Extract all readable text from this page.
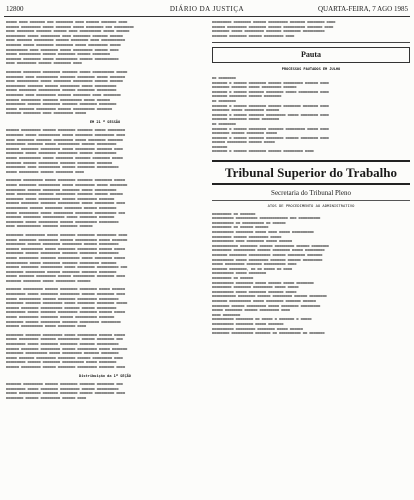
12800	DIÁRIO DA JUSTIÇA	QUARTA-FEIRA, 7 AGO 1985
▬▬▬▬▬ ▬▬▬▬ ▬▬▬▬▬▬▬ ▬▬▬ ▬▬▬▬▬▬▬▬ ▬▬▬▬ ▬▬▬▬▬▬ ▬▬▬▬▬▬▬ ▬▬▬▬
▬▬▬▬▬▬ ▬▬▬▬▬▬▬▬▬ ▬▬▬▬▬ ▬▬▬▬▬▬▬ ▬▬▬▬▬ ▬▬▬▬▬▬▬▬ ▬▬▬ ▬▬▬▬▬▬▬▬▬
▬▬▬▬ ▬▬▬▬▬▬▬▬ ▬▬▬▬▬▬▬ ▬▬▬▬▬▬ ▬▬▬▬ ▬▬▬▬▬▬▬▬▬▬ ▬▬▬▬▬ ▬▬▬▬▬▬
▬▬▬▬▬▬▬▬▬ ▬▬▬▬▬ ▬▬▬▬▬▬▬▬▬ ▬▬▬▬ ▬▬▬▬▬▬▬▬ ▬▬▬▬▬▬▬ ▬▬▬▬▬▬
▬▬▬▬ ▬▬▬▬▬▬▬ ▬▬▬▬▬▬▬▬▬ ▬▬▬▬▬▬ ▬▬▬▬▬▬▬▬ ▬▬▬▬ ▬▬▬▬▬▬▬▬▬▬▬
▬▬▬▬▬▬▬ ▬▬▬▬▬ ▬▬▬▬▬▬▬▬ ▬▬▬▬▬▬▬▬ ▬▬▬▬▬ ▬▬▬▬▬▬▬▬▬ ▬▬▬▬▬
▬▬▬▬▬▬▬▬▬▬ ▬▬▬▬ ▬▬▬▬▬▬▬▬ ▬▬▬▬▬ ▬▬▬▬▬▬▬▬▬ ▬▬▬▬▬▬ ▬▬▬▬
▬▬▬▬▬ ▬▬▬▬▬▬▬▬▬▬ ▬▬▬▬▬▬ ▬▬▬▬▬▬▬▬ ▬▬▬▬▬▬ ▬▬▬▬▬▬▬▬
▬▬▬▬▬▬▬ ▬▬▬▬▬▬▬▬ ▬▬▬▬▬ ▬▬▬▬▬▬▬▬▬▬ ▬▬▬▬▬▬ ▬▬▬▬▬▬▬▬▬▬▬
▬▬▬▬ ▬▬▬▬▬▬▬▬▬ ▬▬▬▬▬▬ ▬▬▬▬▬▬▬▬ ▬▬▬▬
▬▬▬▬▬▬▬ ▬▬▬▬▬▬▬▬ ▬▬▬▬▬▬▬▬ ▬▬▬▬▬▬▬ ▬▬▬▬▬ ▬▬▬▬▬▬▬▬▬▬ ▬▬▬▬▬
▬▬▬▬▬▬▬▬ ▬▬▬▬ ▬▬▬▬▬▬▬▬▬▬ ▬▬▬▬▬▬▬ ▬▬▬▬▬▬▬▬ ▬▬▬▬▬ ▬▬▬▬▬▬▬
▬▬▬▬ ▬▬▬▬▬▬▬▬▬▬ ▬▬▬▬▬ ▬▬▬▬▬▬▬▬ ▬▬▬▬▬▬▬▬▬ ▬▬▬▬▬▬ ▬▬▬▬▬▬
▬▬▬▬▬▬▬▬▬ ▬▬▬▬▬▬▬ ▬▬▬▬▬▬ ▬▬▬▬▬▬▬▬▬ ▬▬▬▬▬ ▬▬▬▬▬▬▬▬▬▬
▬▬▬▬▬ ▬▬▬▬▬▬▬▬ ▬▬▬▬▬▬▬▬▬▬ ▬▬▬▬▬▬ ▬▬▬▬▬▬▬▬ ▬▬▬▬▬▬▬▬▬
▬▬▬▬▬▬▬▬ ▬▬▬▬ ▬▬▬▬▬▬▬▬▬ ▬▬▬▬▬▬ ▬▬▬▬▬▬▬▬ ▬▬▬▬ ▬▬▬▬▬▬▬▬
▬▬▬▬▬▬ ▬▬▬▬▬▬▬▬▬ ▬▬▬▬▬▬▬ ▬▬▬▬▬▬▬▬▬▬ ▬▬▬▬▬ ▬▬▬▬▬▬
▬▬▬▬▬▬▬▬▬ ▬▬▬▬▬▬ ▬▬▬▬▬▬▬▬ ▬▬▬▬▬▬▬ ▬▬▬▬▬▬▬▬ ▬▬▬▬▬▬▬▬
▬▬▬▬▬ ▬▬▬▬▬▬▬ ▬▬▬▬▬▬▬▬▬ ▬▬▬▬▬▬ ▬▬▬▬▬▬▬▬▬▬ ▬▬▬▬▬▬▬
▬▬▬▬▬▬▬ ▬▬▬▬▬▬▬▬ ▬▬▬▬ ▬▬▬▬▬▬▬▬▬ ▬▬▬▬▬
EM 21 ª SESSÃO
▬▬▬▬▬▬ ▬▬▬▬▬▬▬▬▬ ▬▬▬▬▬▬ ▬▬▬▬▬▬▬▬ ▬▬▬▬▬▬▬ ▬▬▬▬▬ ▬▬▬▬▬▬▬▬
▬▬▬▬▬▬▬▬ ▬▬▬▬▬ ▬▬▬▬▬▬▬▬▬▬ ▬▬▬▬▬ ▬▬▬▬▬▬▬▬ ▬▬▬▬▬▬▬▬▬ ▬▬▬▬
▬▬▬▬ ▬▬▬▬▬▬▬▬ ▬▬▬▬▬▬▬ ▬▬▬▬▬▬▬▬▬ ▬▬▬▬▬ ▬▬▬▬▬▬▬▬ ▬▬▬▬▬▬▬
▬▬▬▬▬▬▬▬▬ ▬▬▬▬▬▬▬ ▬▬▬▬▬ ▬▬▬▬▬▬▬▬▬▬ ▬▬▬▬▬▬ ▬▬▬▬▬▬▬▬▬
▬▬▬▬▬▬ ▬▬▬▬▬▬▬▬ ▬▬▬▬▬▬▬▬▬ ▬▬▬▬▬ ▬▬▬▬▬▬▬▬▬ ▬▬▬▬▬▬▬ ▬▬▬▬
▬▬▬▬▬▬▬▬ ▬▬▬▬▬ ▬▬▬▬▬▬▬▬ ▬▬▬▬▬▬▬▬▬ ▬▬▬▬▬▬ ▬▬▬▬▬▬▬▬▬▬
▬▬▬▬▬ ▬▬▬▬▬▬▬▬▬▬ ▬▬▬▬▬ ▬▬▬▬▬▬▬▬ ▬▬▬▬▬▬▬ ▬▬▬▬▬▬▬▬ ▬▬▬▬▬
▬▬▬▬▬▬▬ ▬▬▬▬▬▬ ▬▬▬▬▬▬▬▬▬ ▬▬▬▬▬▬▬ ▬▬▬▬▬▬▬▬ ▬▬▬▬▬▬▬
▬▬▬▬▬▬▬▬▬ ▬▬▬▬ ▬▬▬▬▬▬▬▬▬▬ ▬▬▬▬▬▬ ▬▬▬▬▬▬▬▬ ▬▬▬▬▬▬▬▬▬▬
▬▬▬▬▬ ▬▬▬▬▬▬▬▬▬ ▬▬▬▬▬▬ ▬▬▬▬▬▬▬▬ ▬▬▬▬
▬▬▬▬▬▬▬ ▬▬▬▬▬▬▬▬▬ ▬▬▬▬▬ ▬▬▬▬▬▬▬▬ ▬▬▬▬▬▬▬ ▬▬▬▬▬▬▬▬ ▬▬▬▬▬
▬▬▬▬▬ ▬▬▬▬▬▬▬▬ ▬▬▬▬▬▬▬▬▬▬ ▬▬▬▬▬ ▬▬▬▬▬▬▬▬▬ ▬▬▬▬▬ ▬▬▬▬▬▬▬▬
▬▬▬▬▬▬▬▬▬ ▬▬▬▬▬▬ ▬▬▬▬▬▬▬▬ ▬▬▬▬▬▬▬▬ ▬▬▬▬▬ ▬▬▬▬▬▬▬▬▬▬
▬▬▬▬ ▬▬▬▬▬▬▬▬▬ ▬▬▬▬▬▬▬ ▬▬▬▬▬▬▬▬▬ ▬▬▬▬▬▬▬ ▬▬▬▬▬▬ ▬▬▬▬▬▬
▬▬▬▬▬▬▬▬ ▬▬▬▬▬ ▬▬▬▬▬▬▬▬▬▬ ▬▬▬▬▬▬ ▬▬▬▬▬▬▬▬▬ ▬▬▬▬▬▬▬
▬▬▬▬▬▬ ▬▬▬▬▬▬▬▬ ▬▬▬▬▬▬▬ ▬▬▬▬▬▬▬▬▬▬ ▬▬▬▬▬ ▬▬▬▬▬▬▬▬▬ ▬▬▬▬
▬▬▬▬▬▬▬▬▬▬ ▬▬▬▬▬▬ ▬▬▬▬▬▬▬▬ ▬▬▬▬▬▬▬▬ ▬▬▬▬▬▬ ▬▬▬▬▬▬▬▬
▬▬▬▬▬ ▬▬▬▬▬▬▬▬▬ ▬▬▬▬▬ ▬▬▬▬▬▬▬▬▬ ▬▬▬▬▬▬▬▬ ▬▬▬▬▬▬▬▬▬▬ ▬▬▬
▬▬▬▬▬▬▬ ▬▬▬▬▬▬▬▬ ▬▬▬▬▬▬▬▬▬▬ ▬▬▬▬▬ ▬▬▬▬▬▬▬▬ ▬▬▬▬▬▬▬
▬▬▬▬▬▬▬▬ ▬▬▬▬▬ ▬▬▬▬▬▬▬▬▬ ▬▬▬▬▬▬ ▬▬▬▬▬▬▬▬▬▬ ▬▬▬▬▬▬▬▬▬
▬▬▬▬ ▬▬▬▬▬▬▬▬▬▬▬ ▬▬▬▬▬▬▬ ▬▬▬▬▬▬▬▬ ▬▬▬▬▬▬
▬▬▬▬▬▬▬▬ ▬▬▬▬▬▬▬▬▬ ▬▬▬▬▬ ▬▬▬▬▬▬▬ ▬▬▬▬▬▬▬▬ ▬▬▬▬▬▬▬▬▬ ▬▬▬▬
▬▬▬▬▬ ▬▬▬▬▬▬▬▬ ▬▬▬▬▬▬▬▬▬ ▬▬▬▬▬▬ ▬▬▬▬▬▬▬▬▬▬ ▬▬▬▬▬ ▬▬▬▬▬▬▬
▬▬▬▬▬▬▬▬▬ ▬▬▬▬▬▬ ▬▬▬▬▬▬▬▬ ▬▬▬▬▬▬▬▬▬ ▬▬▬▬▬▬ ▬▬▬▬▬▬▬▬▬
▬▬▬▬▬▬ ▬▬▬▬▬▬▬▬▬▬ ▬▬▬▬▬ ▬▬▬▬▬▬▬▬ ▬▬▬▬▬▬▬▬▬ ▬▬▬▬▬▬ ▬▬▬▬▬
▬▬▬▬▬▬▬▬ ▬▬▬▬▬▬ ▬▬▬▬▬▬▬▬▬ ▬▬▬▬▬▬▬ ▬▬▬▬▬▬▬▬ ▬▬▬▬▬▬▬▬▬
▬▬▬▬▬ ▬▬▬▬▬▬▬▬▬ ▬▬▬▬▬▬▬ ▬▬▬▬▬▬▬▬▬▬ ▬▬▬▬▬ ▬▬▬▬▬▬▬▬ ▬▬▬▬▬
▬▬▬▬▬▬▬▬▬▬ ▬▬▬▬▬ ▬▬▬▬▬▬▬▬ ▬▬▬▬▬▬▬ ▬▬▬▬▬▬▬▬▬ ▬▬▬▬▬▬▬
▬▬▬▬▬▬ ▬▬▬▬▬▬▬▬ ▬▬▬▬▬▬▬▬▬▬ ▬▬▬▬▬ ▬▬▬▬▬▬▬▬ ▬▬▬▬▬▬▬▬▬▬ ▬▬▬
▬▬▬▬▬▬▬▬ ▬▬▬▬▬▬▬▬▬ ▬▬▬▬▬▬ ▬▬▬▬▬▬▬▬ ▬▬▬▬▬▬▬ ▬▬▬▬▬▬▬▬
▬▬▬▬▬ ▬▬▬▬▬▬▬ ▬▬▬▬▬▬▬▬▬ ▬▬▬▬▬▬ ▬▬▬▬▬▬▬▬▬▬ ▬▬▬▬▬▬▬▬ ▬▬▬▬
▬▬▬▬▬▬▬ ▬▬▬▬▬▬▬▬ ▬▬▬▬▬ ▬▬▬▬▬▬▬▬▬ ▬▬▬▬▬▬
▬▬▬▬▬▬▬ ▬▬▬▬▬▬▬▬▬ ▬▬▬▬▬▬ ▬▬▬▬▬▬▬▬ ▬▬▬▬▬▬▬▬ ▬▬▬▬▬ ▬▬▬▬▬▬
▬▬▬▬▬▬▬▬▬ ▬▬▬▬▬ ▬▬▬▬▬▬▬▬ ▬▬▬▬▬▬▬▬▬ ▬▬▬▬▬▬ ▬▬▬▬▬▬▬▬ ▬▬▬▬
▬▬▬▬▬ ▬▬▬▬▬▬▬▬▬▬ ▬▬▬▬▬▬ ▬▬▬▬▬▬▬▬ ▬▬▬▬▬▬▬▬▬ ▬▬▬▬▬▬▬▬▬
▬▬▬▬▬▬▬▬ ▬▬▬▬▬▬▬ ▬▬▬▬▬▬▬▬▬ ▬▬▬▬▬ ▬▬▬▬▬▬▬▬ ▬▬▬▬▬▬▬▬ ▬▬▬▬▬
▬▬▬▬▬▬ ▬▬▬▬▬▬▬▬ ▬▬▬▬▬▬▬▬▬▬ ▬▬▬▬▬▬▬ ▬▬▬▬▬▬ ▬▬▬▬▬▬▬▬▬
▬▬▬▬▬▬▬▬▬ ▬▬▬▬▬ ▬▬▬▬▬▬▬ ▬▬▬▬▬▬▬▬▬ ▬▬▬▬▬▬▬▬ ▬▬▬▬▬▬ ▬▬▬▬▬
▬▬▬▬▬ ▬▬▬▬▬▬▬▬▬ ▬▬▬▬▬▬▬▬ ▬▬▬▬▬▬ ▬▬▬▬▬▬▬▬▬▬ ▬▬▬▬▬▬▬
▬▬▬▬▬▬▬▬ ▬▬▬▬▬▬ ▬▬▬▬▬▬▬▬▬ ▬▬▬▬▬▬▬ ▬▬▬▬▬▬▬▬▬ ▬▬▬▬▬▬▬▬▬
▬▬▬▬▬▬ ▬▬▬▬▬▬▬▬▬▬ ▬▬▬▬▬ ▬▬▬▬▬▬▬▬ ▬▬▬▬
▬▬▬▬▬▬▬▬ ▬▬▬▬▬▬▬ ▬▬▬▬▬▬▬▬▬ ▬▬▬▬▬ ▬▬▬▬▬▬▬▬▬ ▬▬▬▬▬▬ ▬▬▬▬▬
▬▬▬▬▬ ▬▬▬▬▬▬▬▬▬ ▬▬▬▬▬▬▬ ▬▬▬▬▬▬▬▬▬▬ ▬▬▬▬▬▬ ▬▬▬▬▬▬▬▬ ▬▬▬
▬▬▬▬▬▬▬▬▬ ▬▬▬▬▬ ▬▬▬▬▬▬▬▬ ▬▬▬▬▬▬▬▬ ▬▬▬▬▬▬▬ ▬▬▬▬▬▬▬▬▬▬
▬▬▬▬▬▬ ▬▬▬▬▬▬▬▬ ▬▬▬▬▬▬▬▬▬ ▬▬▬▬▬▬ ▬▬▬▬▬▬▬▬▬ ▬▬▬▬▬ ▬▬▬▬▬▬▬
▬▬▬▬▬▬▬▬ ▬▬▬▬▬▬▬▬▬▬ ▬▬▬▬▬ ▬▬▬▬▬▬▬▬▬ ▬▬▬▬▬▬▬ ▬▬▬▬▬▬▬▬
▬▬▬▬▬ ▬▬▬▬▬▬▬ ▬▬▬▬▬▬▬▬▬ ▬▬▬▬▬▬▬▬ ▬▬▬▬▬▬ ▬▬▬▬▬▬▬▬▬ ▬▬▬▬
▬▬▬▬▬▬▬▬▬ ▬▬▬▬▬▬ ▬▬▬▬▬▬▬▬ ▬▬▬▬▬▬▬▬▬▬ ▬▬▬▬▬ ▬▬▬▬▬▬▬▬
▬▬▬▬▬▬ ▬▬▬▬▬▬▬▬▬ ▬▬▬▬▬▬ ▬▬▬▬▬▬▬▬ ▬▬▬▬▬▬▬▬▬ ▬▬▬▬▬▬▬ ▬▬▬▬
Distribuição da 1ª SEÇÃO
▬▬▬▬▬▬▬ ▬▬▬▬▬▬▬▬▬ ▬▬▬▬▬▬ ▬▬▬▬▬▬▬▬ ▬▬▬▬▬▬▬ ▬▬▬▬▬▬▬▬ ▬▬▬
▬▬▬▬▬▬▬▬▬ ▬▬▬▬▬ ▬▬▬▬▬▬▬▬ ▬▬▬▬▬▬▬▬▬ ▬▬▬▬▬▬ ▬▬▬▬▬▬▬▬▬▬
▬▬▬▬▬ ▬▬▬▬▬▬▬▬▬▬ ▬▬▬▬▬▬▬ ▬▬▬▬▬▬▬▬ ▬▬▬▬▬▬ ▬▬▬▬▬▬▬▬▬ ▬▬▬▬
▬▬▬▬▬▬▬▬ ▬▬▬▬▬▬ ▬▬▬▬▬▬▬▬▬ ▬▬▬▬▬▬ ▬▬▬▬
▬▬▬▬▬▬▬▬▬ ▬▬▬▬▬▬▬▬ ▬▬▬▬▬▬ ▬▬▬▬▬▬▬▬▬ ▬▬▬▬▬▬▬ ▬▬▬▬▬▬▬▬ ▬▬▬▬
▬▬▬▬▬▬ ▬▬▬▬▬▬▬▬▬ ▬▬▬▬▬▬▬▬ ▬▬▬▬▬▬ ▬▬▬▬▬▬▬▬▬▬ ▬▬▬▬▬▬▬ ▬▬▬▬
▬▬▬▬▬▬▬▬ ▬▬▬▬▬ ▬▬▬▬▬▬▬▬▬ ▬▬▬▬▬▬▬ ▬▬▬▬▬▬▬▬ ▬▬▬▬▬▬▬▬▬▬
▬▬▬▬▬▬▬ ▬▬▬▬▬▬▬▬ ▬▬▬▬▬▬ ▬▬▬▬▬▬▬▬▬ ▬▬▬▬
Pauta
PROCESSOS PAUTADOS EM JULHO
▬▬ ▬▬▬▬▬▬▬▬
▬▬▬▬▬▬▬ ▬ ▬▬▬▬▬▬ ▬▬▬▬▬▬▬▬ ▬▬▬▬▬▬ ▬▬▬▬▬▬▬▬▬ ▬▬▬▬▬▬ ▬▬▬▬
▬▬▬▬▬▬▬▬ ▬▬▬▬▬▬▬ ▬▬▬▬▬ ▬▬▬▬▬▬▬▬▬ ▬▬▬▬▬▬
▬▬▬▬▬▬▬ ▬ ▬▬▬▬▬▬ ▬▬▬▬▬▬▬ ▬▬▬▬▬▬▬▬ ▬▬▬▬▬ ▬▬▬▬▬▬▬▬▬ ▬▬▬▬
▬▬▬▬▬▬▬ ▬▬▬▬▬▬▬▬ ▬▬▬▬▬▬ ▬▬▬▬▬▬▬▬
▬▬ ▬▬▬▬▬▬▬▬
▬▬▬▬▬▬▬ ▬ ▬▬▬▬▬▬ ▬▬▬▬▬▬▬▬ ▬▬▬▬▬▬ ▬▬▬▬▬▬▬▬ ▬▬▬▬▬▬▬ ▬▬▬▬
▬▬▬▬▬▬▬▬ ▬▬▬▬▬ ▬▬▬▬▬▬▬▬▬ ▬▬▬▬▬▬
▬▬▬▬▬▬▬ ▬ ▬▬▬▬▬▬ ▬▬▬▬▬▬▬ ▬▬▬▬▬▬▬▬▬ ▬▬▬▬▬ ▬▬▬▬▬▬▬▬ ▬▬▬▬
▬▬▬▬▬▬▬ ▬▬▬▬▬▬▬▬ ▬▬▬▬▬ ▬▬▬▬▬▬▬▬
▬▬ ▬▬▬▬▬▬▬▬
▬▬▬▬▬▬▬ ▬ ▬▬▬▬▬▬ ▬▬▬▬▬▬▬▬ ▬▬▬▬▬▬▬ ▬▬▬▬▬▬▬▬▬ ▬▬▬▬▬ ▬▬▬▬
▬▬▬▬▬▬▬▬ ▬▬▬▬▬▬ ▬▬▬▬▬▬▬▬ ▬▬▬▬▬
▬▬▬▬▬▬▬ ▬ ▬▬▬▬▬▬ ▬▬▬▬▬▬▬ ▬▬▬▬▬▬▬▬ ▬▬▬▬▬▬ ▬▬▬▬▬▬▬▬ ▬▬▬▬
▬▬▬▬▬▬ ▬▬▬▬▬▬▬▬▬ ▬▬▬▬▬▬ ▬▬▬▬▬
▬▬▬▬▬▬▬
▬▬▬▬▬▬▬ ▬ ▬▬▬▬▬▬ ▬▬▬▬▬▬▬▬ ▬▬▬▬▬▬ ▬▬▬▬▬▬▬▬▬ ▬▬▬▬
Tribunal Superior do Trabalho
Secretaria do Tribunal Pleno
ATOS DE PROCEDIMENTO AO ADMINISTRATIVO
▬▬▬▬▬▬▬▬▬ ▬▬ ▬▬▬▬▬▬▬
▬▬▬▬▬▬▬▬▬▬ ▬▬▬▬▬▬▬▬▬▬ ▬▬▬▬▬▬▬▬▬▬▬▬▬ ▬▬▬ ▬▬▬▬▬▬▬▬▬▬
▬▬▬▬▬▬▬▬▬▬ ▬▬ ▬▬▬▬▬▬▬▬▬▬ ▬▬ ▬▬▬▬▬▬
▬▬▬▬▬▬▬▬▬ ▬▬ ▬▬▬▬▬▬ ▬▬▬▬▬▬
▬▬▬▬▬▬▬▬▬▬ ▬▬▬▬▬▬▬▬ ▬▬▬▬▬ ▬▬▬▬ ▬▬▬▬▬ ▬▬▬▬▬▬▬▬▬▬
▬▬▬▬▬▬▬▬▬ ▬▬▬▬▬▬ ▬▬▬▬▬▬▬▬▬ ▬▬▬▬▬
▬▬▬▬▬▬▬▬▬▬ ▬▬▬▬ ▬▬▬▬▬▬▬▬ ▬▬▬▬▬ ▬▬▬▬▬▬
▬▬▬▬▬▬▬▬▬▬▬▬ ▬▬▬▬▬▬▬▬ ▬▬▬▬▬▬ ▬▬▬▬▬▬▬▬▬ ▬▬▬▬▬▬ ▬▬▬▬▬▬▬▬
▬▬▬▬▬▬▬▬▬ ▬▬▬▬▬▬▬▬▬▬ ▬▬▬▬▬▬ ▬▬▬▬▬▬▬▬ ▬▬▬▬▬ ▬▬▬▬▬▬▬▬▬
▬▬▬▬▬▬▬ ▬▬▬▬▬▬▬▬ ▬▬▬▬▬▬▬▬▬▬ ▬▬▬▬▬▬ ▬▬▬▬▬▬▬▬ ▬▬▬▬▬▬▬
▬▬▬▬▬▬▬▬▬▬ ▬▬▬▬▬ ▬▬▬▬▬▬▬▬▬ ▬▬▬▬▬▬▬ ▬▬▬▬▬▬ ▬▬▬▬▬▬▬▬▬
▬▬▬▬▬ ▬▬▬▬▬▬▬▬▬ ▬▬▬▬▬▬▬ ▬▬▬▬▬▬▬▬▬▬ ▬▬▬▬
▬▬▬▬▬▬▬ ▬▬▬▬▬▬▬▬, ▬▬ ▬▬ ▬▬▬▬▬ ▬▬ ▬▬▬▬
▬▬▬▬▬▬▬▬▬▬ ▬▬▬▬▬ ▬▬▬▬▬▬▬▬
▬▬▬▬▬▬▬▬▬ ▬▬ ▬▬▬▬▬▬
▬▬▬▬▬▬▬▬▬▬ ▬▬▬▬▬▬▬▬ ▬▬▬▬▬ ▬▬▬▬▬▬ ▬▬▬▬▬ ▬▬▬▬▬▬▬▬
▬▬▬▬▬▬▬▬▬ ▬▬▬▬▬▬▬▬ ▬▬▬▬▬▬▬▬▬ ▬▬▬▬▬ ▬▬▬▬▬
▬▬▬▬▬▬▬▬▬▬ ▬▬▬▬▬ ▬▬▬▬▬▬▬▬ ▬▬▬▬▬▬▬ ▬▬▬▬▬
▬▬▬▬▬▬▬▬▬▬▬ ▬▬▬▬▬▬▬▬ ▬▬▬▬▬▬ ▬▬▬▬▬▬▬▬▬ ▬▬▬▬▬▬ ▬▬▬▬▬▬▬▬
▬▬▬▬▬▬▬ ▬▬▬▬▬▬▬▬▬▬ ▬▬▬▬▬ ▬▬▬▬▬▬▬▬ ▬▬▬▬▬▬▬ ▬▬▬▬▬▬
▬▬▬▬▬▬▬▬ ▬▬▬▬▬▬ ▬▬▬▬▬▬▬▬▬ ▬▬▬▬▬ ▬▬▬▬▬▬▬▬ ▬▬▬▬▬▬▬▬▬
▬▬▬▬▬ ▬▬▬▬▬▬▬▬ ▬▬▬▬▬▬ ▬▬▬▬▬▬▬▬▬ ▬▬▬▬
▬▬▬▬ ▬▬▬▬▬▬▬▬
▬▬▬▬▬▬▬▬▬▬ ▬▬▬▬▬▬▬▬ ▬▬ ▬▬▬▬▬ ▬ ▬▬▬▬▬▬▬ ▬ ▬▬▬▬▬
▬▬▬▬▬▬▬▬▬▬ ▬▬▬▬▬▬▬▬ ▬▬▬▬▬ ▬▬▬▬▬▬▬
▬▬▬▬▬▬▬▬▬▬ ▬▬▬▬▬▬▬▬▬ ▬▬▬▬▬▬▬▬ ▬▬▬▬▬ ▬▬▬▬▬▬
▬▬▬▬▬▬▬▬ ▬▬▬▬▬▬▬▬▬▬ ▬▬▬▬▬▬▬ ▬▬ ▬▬▬▬▬▬▬▬▬▬ ▬▬ ▬▬▬▬▬▬▬
